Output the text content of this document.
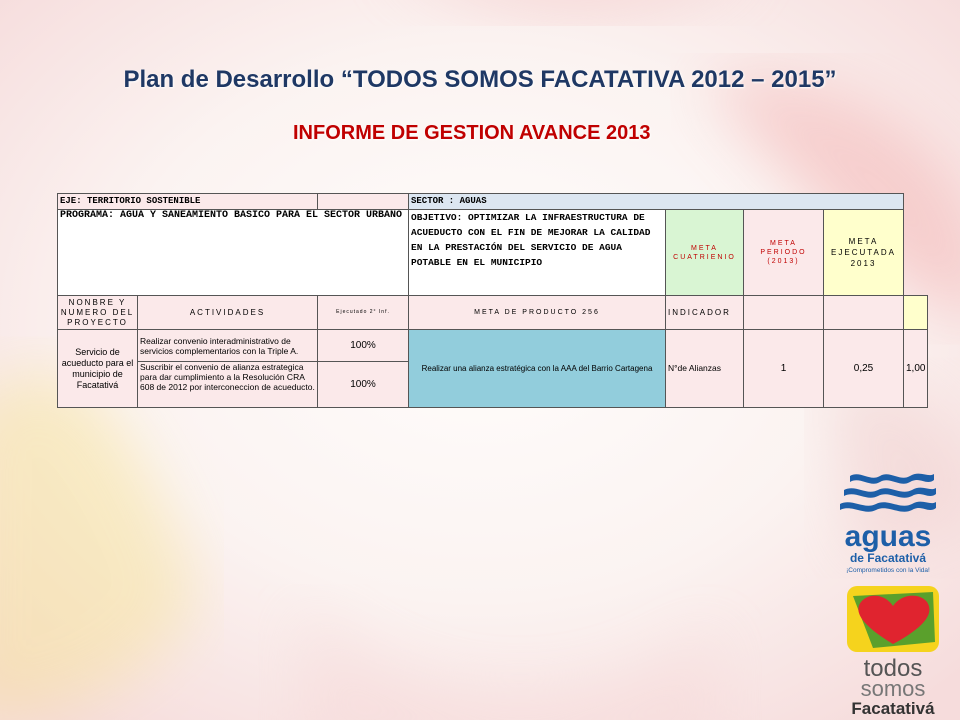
Plan de Desarrollo “TODOS SOMOS FACATATIVA 2012 – 2015”
INFORME DE GESTION AVANCE 2013
EJE: TERRITORIO SOSTENIBLE			SECTOR : AGUAS				
PROGRAMA: AGUA Y SANEAMIENTO BASICO PARA EL SECTOR URBANO			OBJETIVO: OPTIMIZAR LA INFRAESTRUCTURA DE ACUEDUCTO CON EL FIN DE MEJORAR LA CALIDAD EN LA PRESTACIÓN DEL SERVICIO DE AGUA POTABLE EN EL MUNICIPIO	META CUATRIENIO	META PERIODO (2013)	META EJECUTADA 2013	
NONBRE Y NUMERO DEL PROYECTO	ACTIVIDADES	Ejecutado 2° Inf.	META DE PRODUCTO 256	INDICADOR			
Servicio de acueducto para el municipio de Facatativá	Realizar convenio interadministrativo de servicios complementarios con la Triple A.	100%	Realizar una alianza estratégica con la AAA del Barrio Cartagena	N°de Alianzas	1	0,25	1,00
	Suscribir el convenio de alianza estrategica para dar cumplimiento a la Resolución CRA 608 de 2012 por interconeccion de acueducto.	100%					
aguas
de Facatativá
¡Comprometidos con la Vida!
todos
somos
Facatativá
